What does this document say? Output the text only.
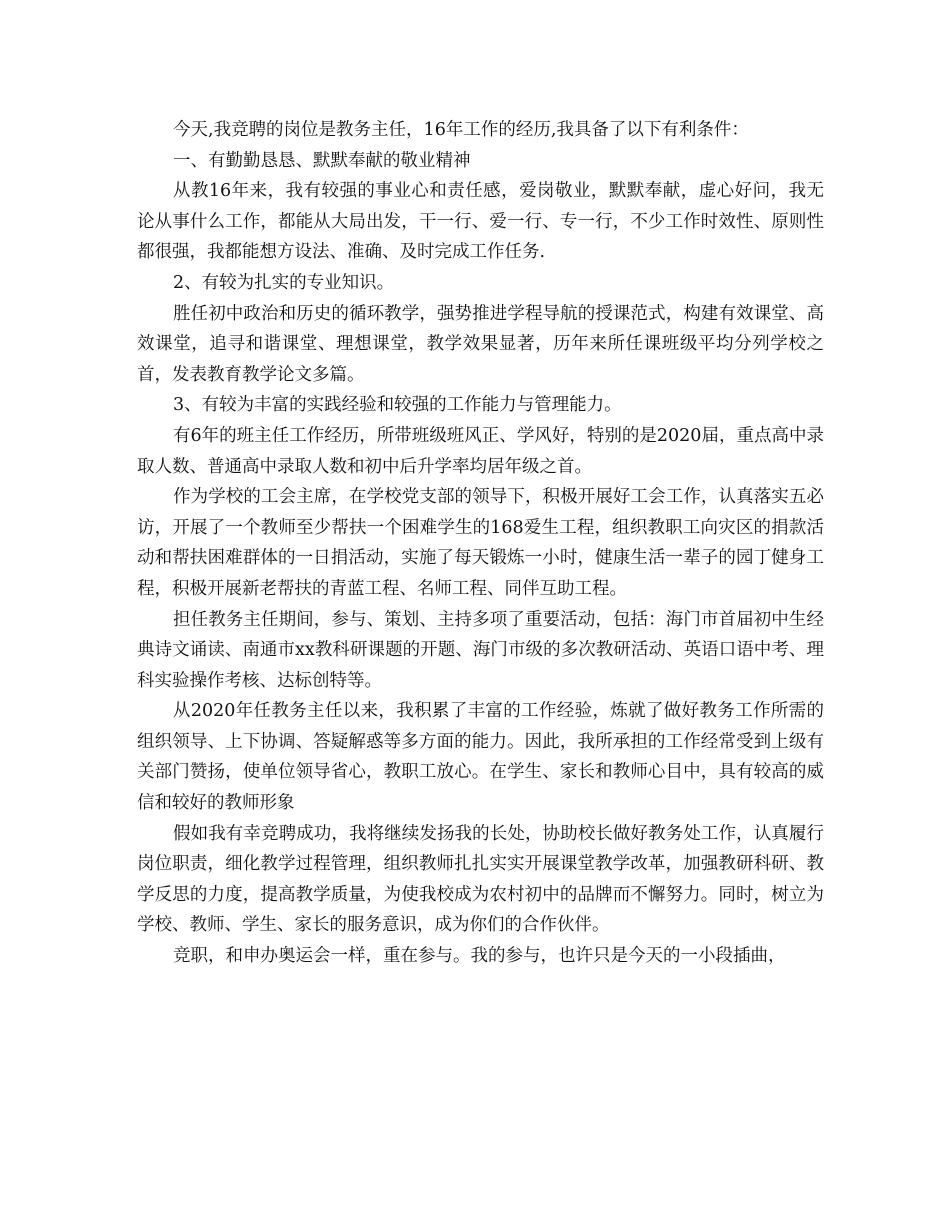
今天,我竞聘的岗位是教务主任，16年工作的经历,我具备了以下有利条件：

一、有勤勤恳恳、默默奉献的敬业精神

从教16年来，我有较强的事业心和责任感，爱岗敬业，默默奉献，虚心好问，我无论从事什么工作，都能从大局出发，干一行、爱一行、专一行，不少工作时效性、原则性都很强，我都能想方设法、准确、及时完成工作任务.

2、有较为扎实的专业知识。

胜任初中政治和历史的循环教学，强势推进学程导航的授课范式，构建有效课堂、高效课堂，追寻和谐课堂、理想课堂，教学效果显著，历年来所任课班级平均分列学校之首，发表教育教学论文多篇。

3、有较为丰富的实践经验和较强的工作能力与管理能力。

有6年的班主任工作经历，所带班级班风正、学风好，特别的是2020届，重点高中录取人数、普通高中录取人数和初中后升学率均居年级之首。

作为学校的工会主席，在学校党支部的领导下，积极开展好工会工作，认真落实五必访，开展了一个教师至少帮扶一个困难学生的168爱生工程，组织教职工向灾区的捐款活动和帮扶困难群体的一日捐活动，实施了每天锻炼一小时，健康生活一辈子的园丁健身工程，积极开展新老帮扶的青蓝工程、名师工程、同伴互助工程。

担任教务主任期间，参与、策划、主持多项了重要活动，包括：海门市首届初中生经典诗文诵读、南通市xx教科研课题的开题、海门市级的多次教研活动、英语口语中考、理科实验操作考核、达标创特等。

从2020年任教务主任以来，我积累了丰富的工作经验，炼就了做好教务工作所需的组织领导、上下协调、答疑解惑等多方面的能力。因此，我所承担的工作经常受到上级有关部门赞扬，使单位领导省心，教职工放心。在学生、家长和教师心目中，具有较高的威信和较好的教师形象

假如我有幸竞聘成功，我将继续发扬我的长处，协助校长做好教务处工作，认真履行岗位职责，细化教学过程管理，组织教师扎扎实实开展课堂教学改革，加强教研科研、教学反思的力度，提高教学质量，为使我校成为农村初中的品牌而不懈努力。同时，树立为学校、教师、学生、家长的服务意识，成为你们的合作伙伴。

竞职，和申办奥运会一样，重在参与。我的参与，也许只是今天的一小段插曲，
